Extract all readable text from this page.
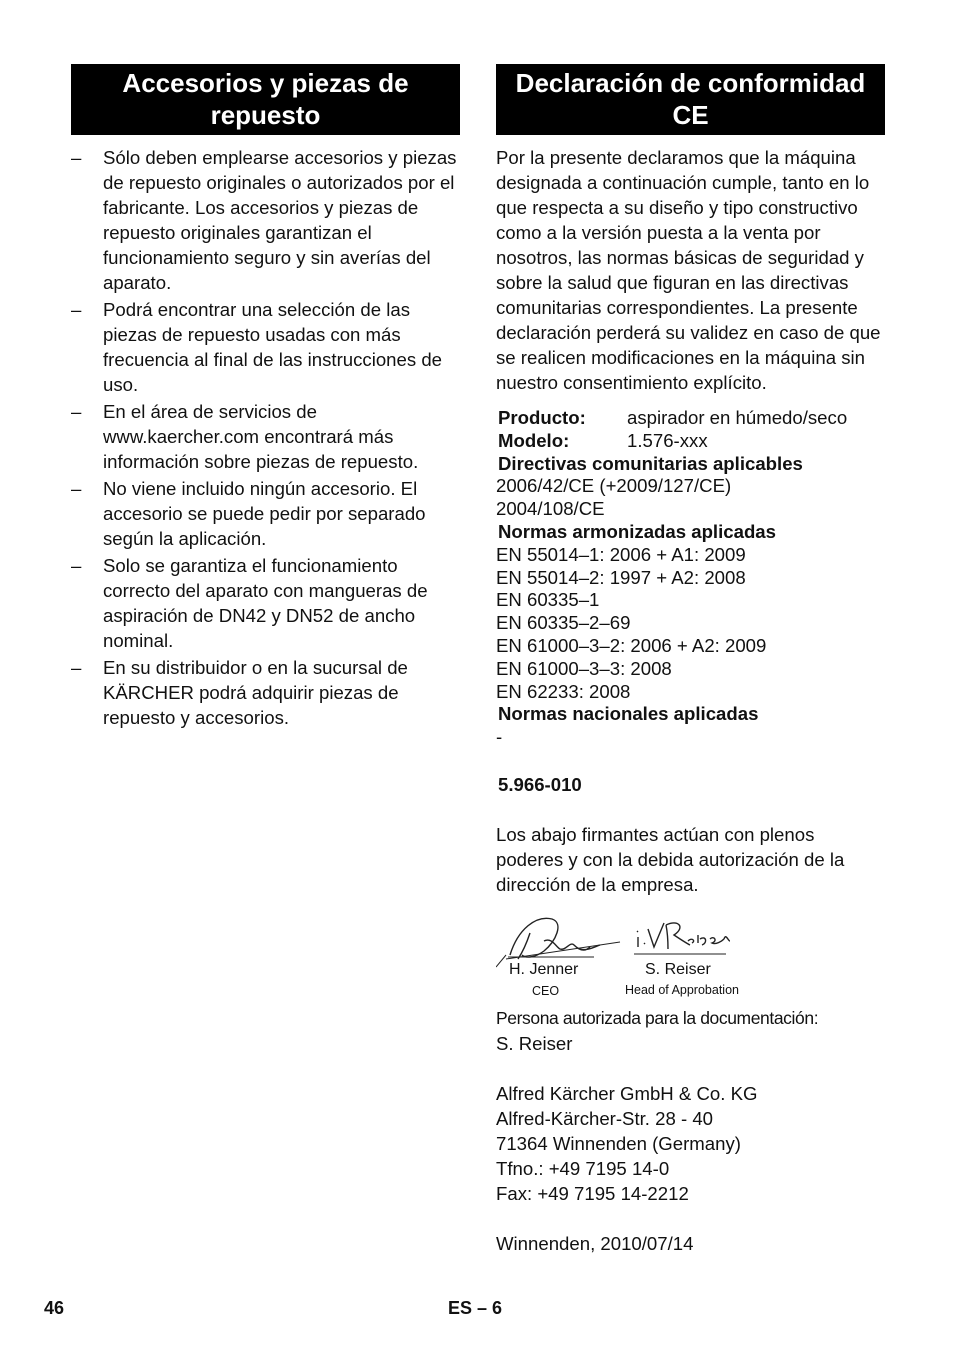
Accesorios y piezas de repuesto
– Sólo deben emplearse accesorios y piezas de repuesto originales o autorizados por el fabricante. Los accesorios y piezas de repuesto originales garantizan el funcionamiento seguro y sin averías del aparato.
– Podrá encontrar una selección de las piezas de repuesto usadas con más frecuencia al final de las instrucciones de uso.
– En el área de servicios de www.kaercher.com encontrará más información sobre piezas de repuesto.
– No viene incluido ningún accesorio. El accesorio se puede pedir por separado según la aplicación.
– Solo se garantiza el funcionamiento correcto del aparato con mangueras de aspiración de DN42 y DN52 de ancho nominal.
– En su distribuidor o en la sucursal de KÄRCHER podrá adquirir piezas de repuesto y accesorios.
Declaración de conformidad CE

Por la presente declaramos que la máquina designada a continuación cumple, tanto en lo que respecta a su diseño y tipo constructivo como a la versión puesta a la venta por nosotros, las normas básicas de seguridad y sobre la salud que figuran en las directivas comunitarias correspondientes. La presente declaración perderá su validez en caso de que se realicen modificaciones en la máquina sin nuestro consentimiento explícito.

Producto:	aspirador en húmedo/seco
Modelo:	1.576-xxx
Directivas comunitarias aplicables
2006/42/CE (+2009/127/CE)
2004/108/CE
Normas armonizadas aplicadas
EN 55014–1: 2006 + A1: 2009
EN 55014–2: 1997 + A2: 2008
EN 60335–1
EN 60335–2–69
EN 61000–3–2: 2006 + A2: 2009
EN 61000–3–3: 2008
EN 62233: 2008
Normas nacionales aplicadas
-
5.966-010

Los abajo firmantes actúan con plenos poderes y con la debida autorización de la dirección de la empresa.

H. Jenner
CEO
S. Reiser
Head of Approbation
Persona autorizada para la documentación:
S. Reiser
Alfred Kärcher GmbH & Co. KG
Alfred-Kärcher-Str. 28 - 40
71364 Winnenden (Germany)
Tfno.: +49 7195 14-0
Fax: +49 7195 14-2212
Winnenden, 2010/07/14
46	ES – 6
